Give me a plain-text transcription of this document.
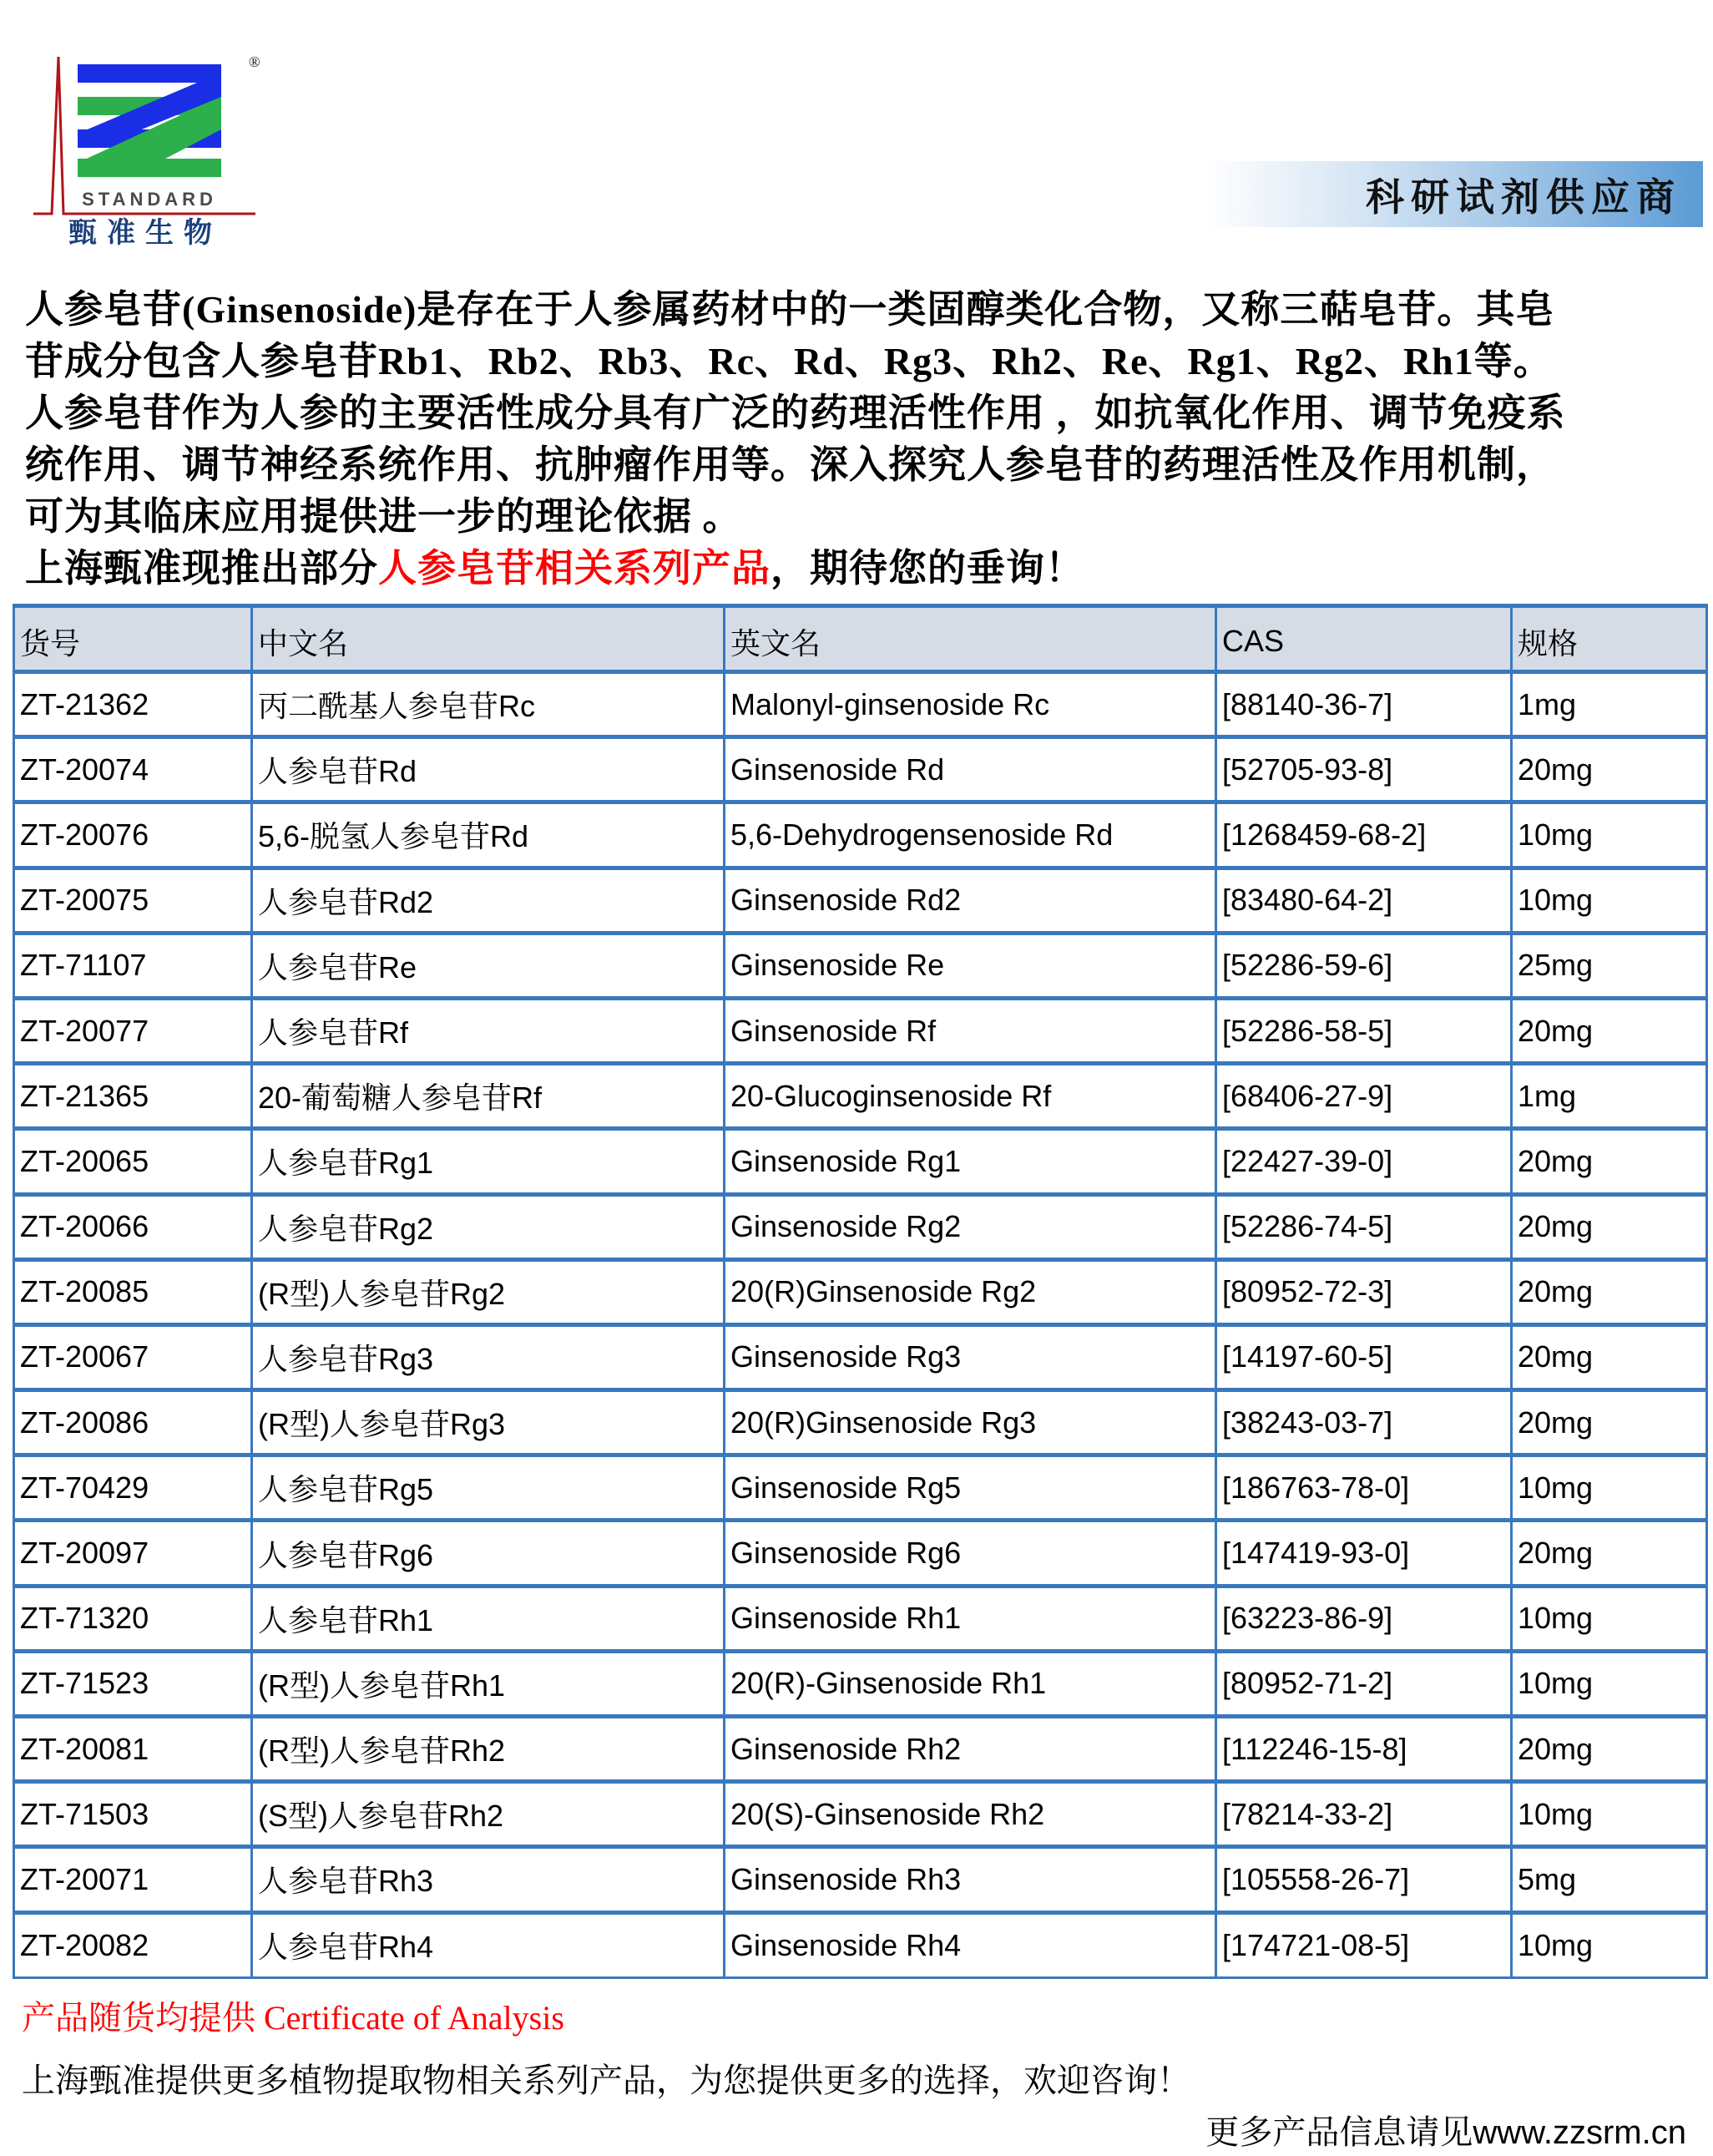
®
STANDARD
甄准生物
科研试剂供应商

人参皂苷(Ginsenoside)是存在于人参属药材中的一类固醇类化合物，又称三萜皂苷。其皂

苷成分包含人参皂苷Rb1、Rb2、Rb3、Rc、Rd、Rg3、Rh2、Re、Rg1、Rg2、Rh1等。

人参皂苷作为人参的主要活性成分具有广泛的药理活性作用 ，如抗氧化作用、调节免疫系

统作用、调节神经系统作用、抗肿瘤作用等。深入探究人参皂苷的药理活性及作用机制，

可为其临床应用提供进一步的理论依据 。

上海甄准现推出部分人参皂苷相关系列产品，期待您的垂询！

货号	中文名	英文名	CAS	规格
ZT-21362	丙二酰基人参皂苷Rc	Malonyl-ginsenoside Rc	[88140-36-7]	1mg
ZT-20074	人参皂苷Rd	Ginsenoside Rd	[52705-93-8]	20mg
ZT-20076	5,6-脱氢人参皂苷Rd	5,6-Dehydrogensenoside Rd	[1268459-68-2]	10mg
ZT-20075	人参皂苷Rd2	Ginsenoside Rd2	[83480-64-2]	10mg
ZT-71107	人参皂苷Re	Ginsenoside Re	[52286-59-6]	25mg
ZT-20077	人参皂苷Rf	Ginsenoside Rf	[52286-58-5]	20mg
ZT-21365	20-葡萄糖人参皂苷Rf	20-Glucoginsenoside Rf	[68406-27-9]	1mg
ZT-20065	人参皂苷Rg1	Ginsenoside Rg1	[22427-39-0]	20mg
ZT-20066	人参皂苷Rg2	Ginsenoside Rg2	[52286-74-5]	20mg
ZT-20085	(R型)人参皂苷Rg2	20(R)Ginsenoside Rg2	[80952-72-3]	20mg
ZT-20067	人参皂苷Rg3	Ginsenoside Rg3	[14197-60-5]	20mg
ZT-20086	(R型)人参皂苷Rg3	20(R)Ginsenoside Rg3	[38243-03-7]	20mg
ZT-70429	人参皂苷Rg5	Ginsenoside Rg5	[186763-78-0]	10mg
ZT-20097	人参皂苷Rg6	Ginsenoside Rg6	[147419-93-0]	20mg
ZT-71320	人参皂苷Rh1	Ginsenoside Rh1	[63223-86-9]	10mg
ZT-71523	(R型)人参皂苷Rh1	20(R)-Ginsenoside Rh1	[80952-71-2]	10mg
ZT-20081	(R型)人参皂苷Rh2	Ginsenoside Rh2	[112246-15-8]	20mg
ZT-71503	(S型)人参皂苷Rh2	20(S)-Ginsenoside Rh2	[78214-33-2]	10mg
ZT-20071	人参皂苷Rh3	Ginsenoside Rh3	[105558-26-7]	5mg
ZT-20082	人参皂苷Rh4	Ginsenoside Rh4	[174721-08-5]	10mg
产品随货均提供 Certificate of Analysis
上海甄准提供更多植物提取物相关系列产品，为您提供更多的选择，欢迎咨询！
更多产品信息请见www.zzsrm.cn
